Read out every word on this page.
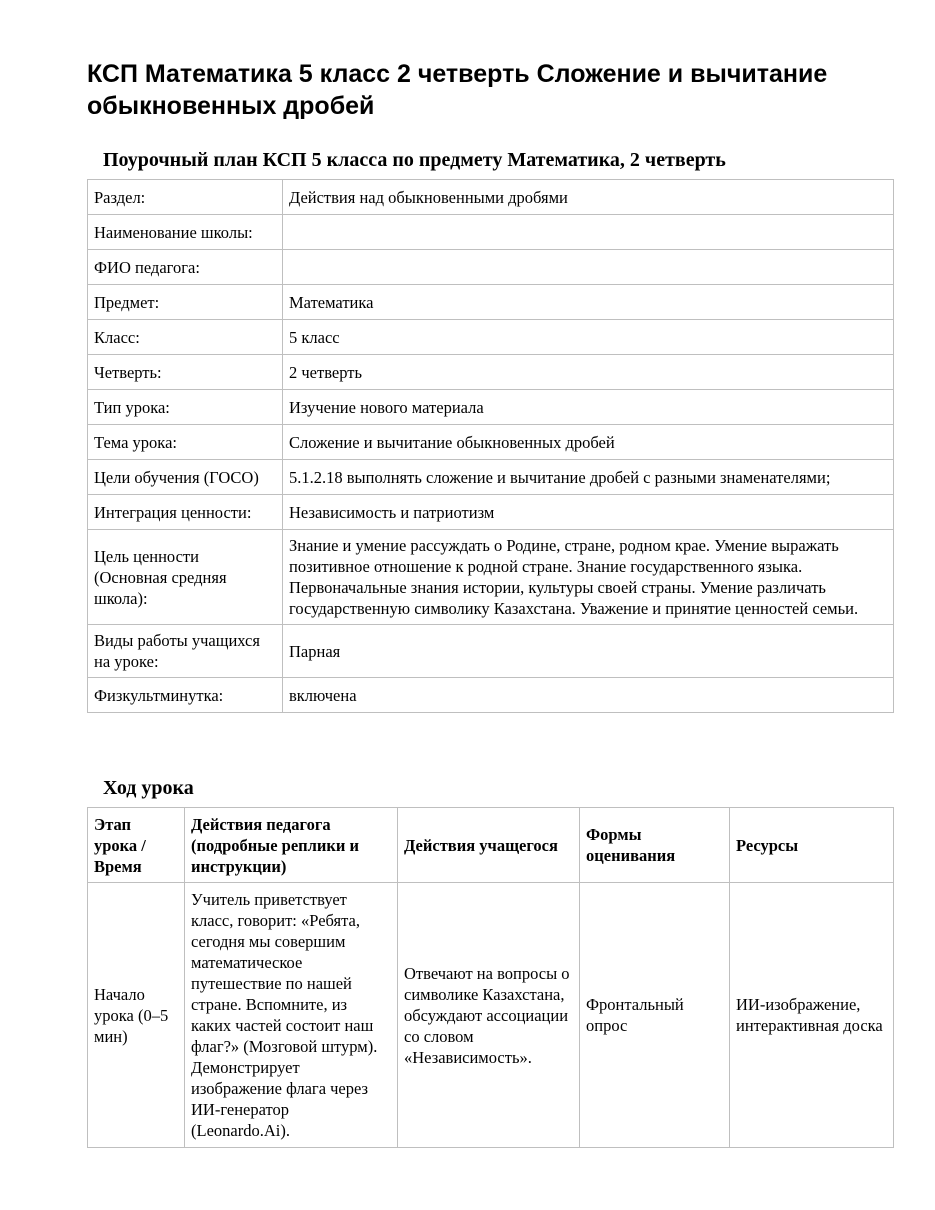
КСП Математика 5 класс 2 четверть Сложение и вычитание обыкновенных дробей
Поурочный план КСП 5 класса по предмету Математика, 2 четверть
Раздел:	Действия над обыкновенными дробями
Наименование школы:	
ФИО педагога:	
Предмет:	Математика
Класс:	5 класс
Четверть:	2 четверть
Тип урока:	Изучение нового материала
Тема урока:	Сложение и вычитание обыкновенных дробей
Цели обучения (ГОСО)	5.1.2.18 выполнять сложение и вычитание дробей с разными знаменателями;
Интеграция ценности:	Независимость и патриотизм
Цель ценности (Основная средняя школа):	Знание и умение рассуждать о Родине, стране, родном крае. Умение выражать позитивное отношение к родной стране. Знание государственного языка. Первоначальные знания истории, культуры своей страны. Умение различать государственную символику Казахстана. Уважение и принятие ценностей семьи.
Виды работы учащихся на уроке:	Парная
Физкультминутка:	включена
Ход урока
Этап урока / Время	Действия педагога (подробные реплики и инструкции)	Действия учащегося	Формы оценивания	Ресурсы
Начало урока (0–5 мин)	Учитель приветствует класс, говорит: «Ребята, сегодня мы совершим математическое путешествие по нашей стране. Вспомните, из каких частей состоит наш флаг?» (Мозговой штурм). Демонстрирует изображение флага через ИИ-генератор (Leonardo.Ai).	Отвечают на вопросы о символике Казахстана, обсуждают ассоциации со словом «Независимость».	Фронтальный опрос	ИИ-изображение, интерактивная доска
